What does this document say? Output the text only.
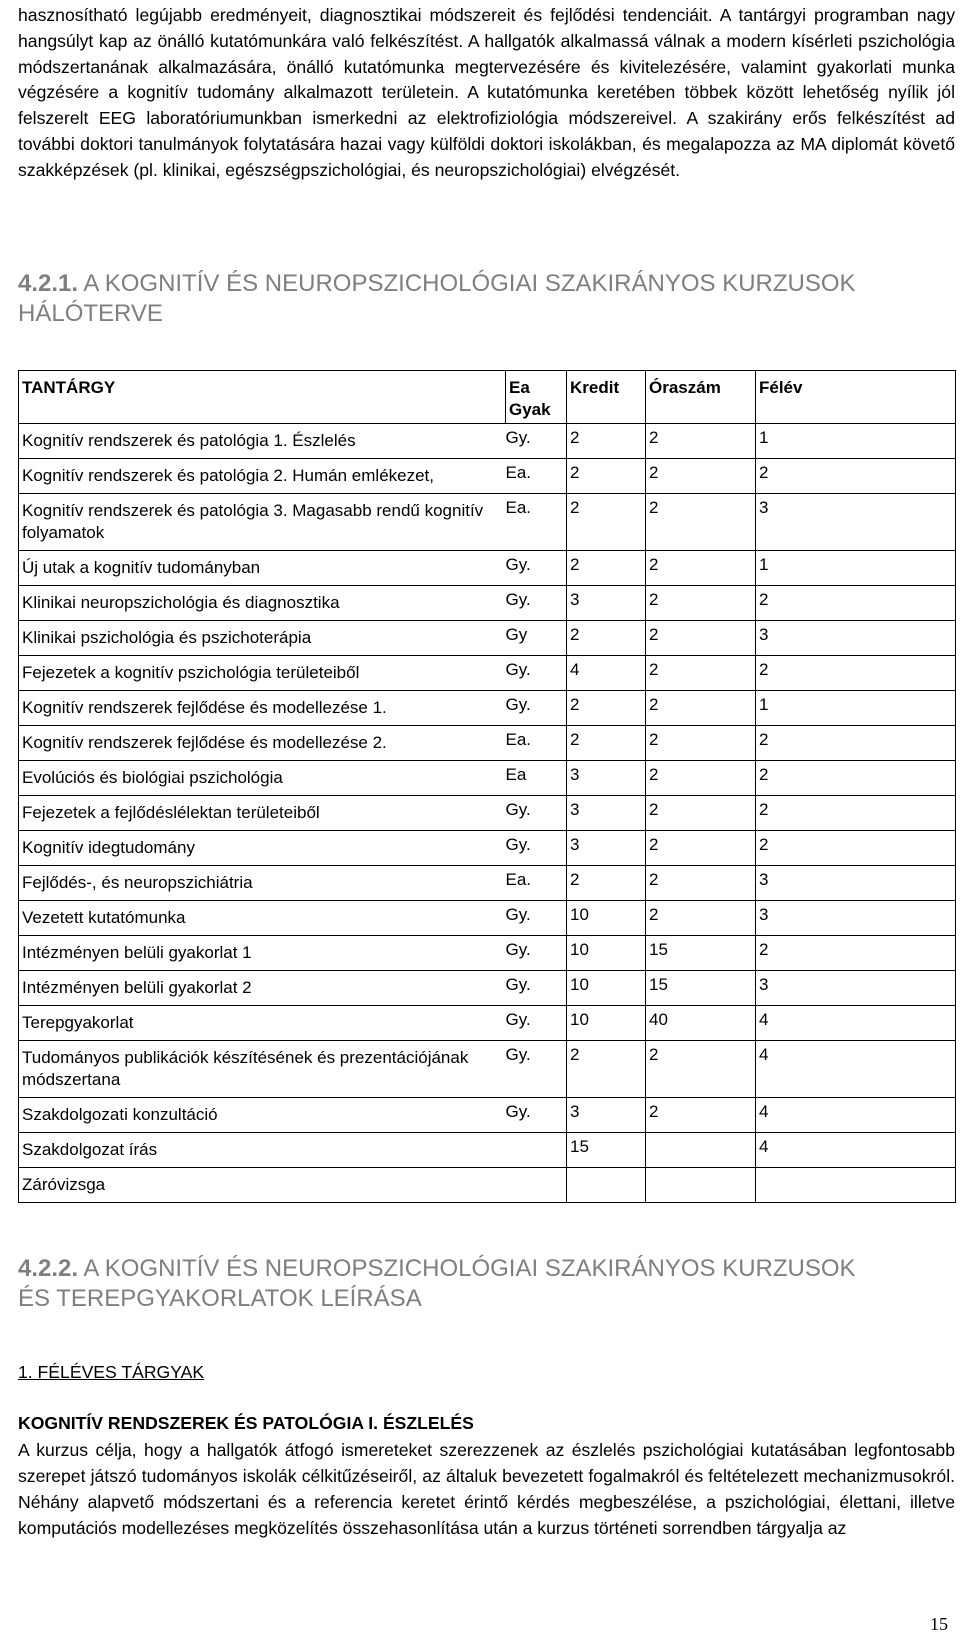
hasznosítható legújabb eredményeit, diagnosztikai módszereit és fejlődési tendenciáit. A tantárgyi programban nagy hangsúlyt kap az önálló kutatómunkára való felkészítést. A hallgatók alkalmassá válnak a modern kísérleti pszichológia módszertanának alkalmazására, önálló kutatómunka megtervezésére és kivitelezésére, valamint gyakorlati munka végzésére a kognitív tudomány alkalmazott területein. A kutatómunka keretében többek között lehetőség nyílik jól felszerelt EEG laboratóriumunkban ismerkedni az elektrofiziológia módszereivel. A szakirány erős felkészítést ad további doktori tanulmányok folytatására hazai vagy külföldi doktori iskolákban, és megalapozza az MA diplomát követő szakképzések (pl. klinikai, egészségpszichológiai, és neuropszichológiai) elvégzését.

4.2.1. A KOGNITÍV ÉS NEUROPSZICHOLÓGIAI SZAKIRÁNYOS KURZUSOK HÁLÓTERVE
TANTÁRGY	Ea Gyak	Kredit	Óraszám	Félév
Kognitív rendszerek és patológia 1. Észlelés	Gy.	2	2	1
Kognitív rendszerek és patológia 2. Humán emlékezet,	Ea.	2	2	2
Kognitív rendszerek és patológia 3. Magasabb rendű kognitív folyamatok	Ea.	2	2	3
Új utak a kognitív tudományban	Gy.	2	2	1
Klinikai neuropszichológia és diagnosztika	Gy.	3	2	2
Klinikai pszichológia és pszichoterápia	Gy	2	2	3
Fejezetek a kognitív pszichológia területeiből	Gy.	4	2	2
Kognitív rendszerek fejlődése és modellezése 1.	Gy.	2	2	1
Kognitív rendszerek fejlődése és modellezése 2.	Ea.	2	2	2
Evolúciós és biológiai pszichológia	Ea	3	2	2
Fejezetek a fejlődéslélektan területeiből	Gy.	3	2	2
Kognitív idegtudomány	Gy.	3	2	2
Fejlődés-, és neuropszichiátria	Ea.	2	2	3
Vezetett kutatómunka	Gy.	10	2	3
Intézményen belüli gyakorlat 1	Gy.	10	15	2
Intézményen belüli gyakorlat 2	Gy.	10	15	3
Terepgyakorlat	Gy.	10	40	4
Tudományos publikációk készítésének és prezentációjának módszertana	Gy.	2	2	4
Szakdolgozati konzultáció	Gy.	3	2	4
Szakdolgozat írás		15		4
Záróvizsga				
4.2.2. A KOGNITÍV ÉS NEUROPSZICHOLÓGIAI SZAKIRÁNYOS KURZUSOK ÉS TEREPGYAKORLATOK LEÍRÁSA

1. FÉLÉVES TÁRGYAK

KOGNITÍV RENDSZEREK ÉS PATOLÓGIA I. ÉSZLELÉS

A kurzus célja, hogy a hallgatók átfogó ismereteket szerezzenek az észlelés pszichológiai kutatásában legfontosabb szerepet játszó tudományos iskolák célkitűzéseiről, az általuk bevezetett fogalmakról és feltételezett mechanizmusokról. Néhány alapvető módszertani és a referencia keretet érintő kérdés megbeszélése, a pszichológiai, élettani, illetve komputációs modellezéses megközelítés összehasonlítása után a kurzus történeti sorrendben tárgyalja az

15
